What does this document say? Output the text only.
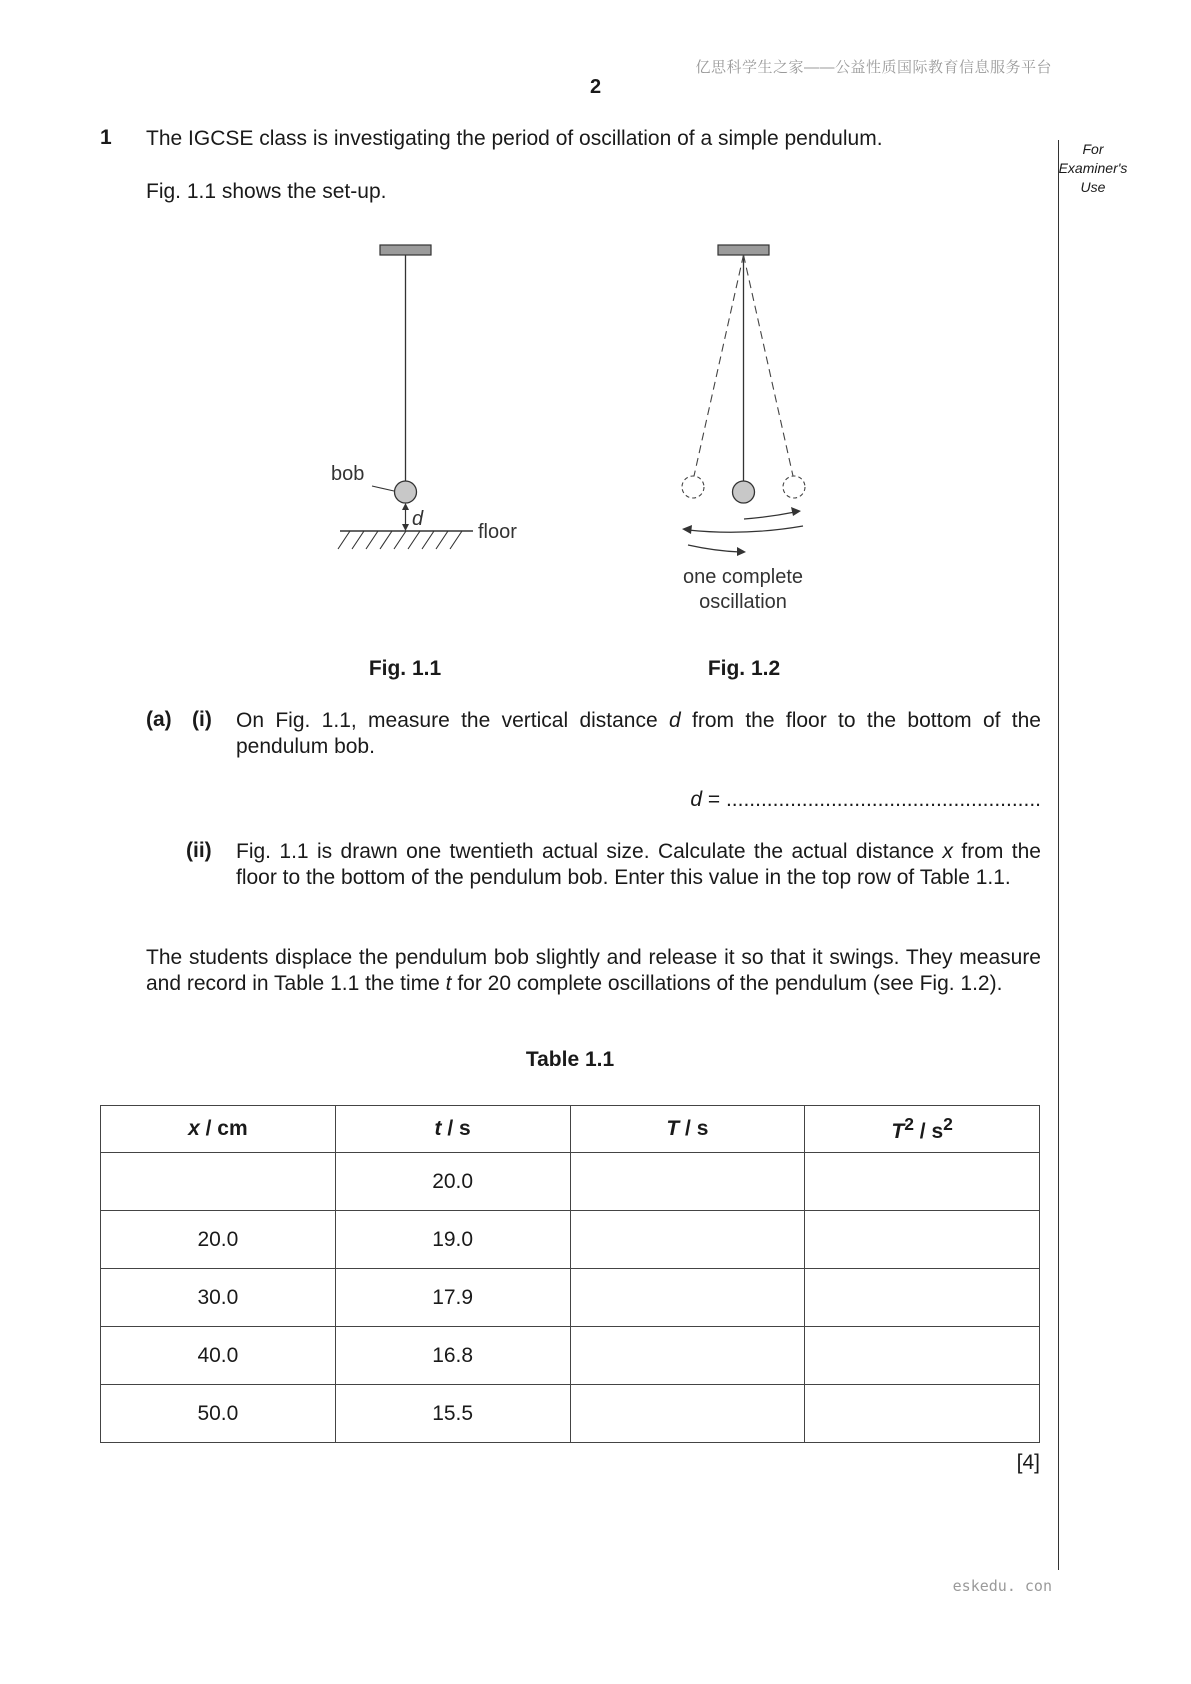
亿思科学生之家——公益性质国际教育信息服务平台
2
For
Examiner's
Use
1 The IGCSE class is investigating the period of oscillation of a simple pendulum.
Fig. 1.1 shows the set-up.
bob
d
floor
one complete
oscillation
Fig. 1.1	Fig. 1.2
(a) (i) On Fig. 1.1, measure the vertical distance d from the floor to the bottom of the pendulum bob.
d = ......................................................
(ii) Fig. 1.1 is drawn one twentieth actual size. Calculate the actual distance x from the floor to the bottom of the pendulum bob. Enter this value in the top row of Table 1.1.
The students displace the pendulum bob slightly and release it so that it swings. They measure and record in Table 1.1 the time t for 20 complete oscillations of the pendulum (see Fig. 1.2).
Table 1.1
x / cm	t / s	T / s	$T^2 / s^2$
	20.0		
20.0	19.0		
30.0	17.9		
40.0	16.8		
50.0	15.5		
[4]
eskedu. con
